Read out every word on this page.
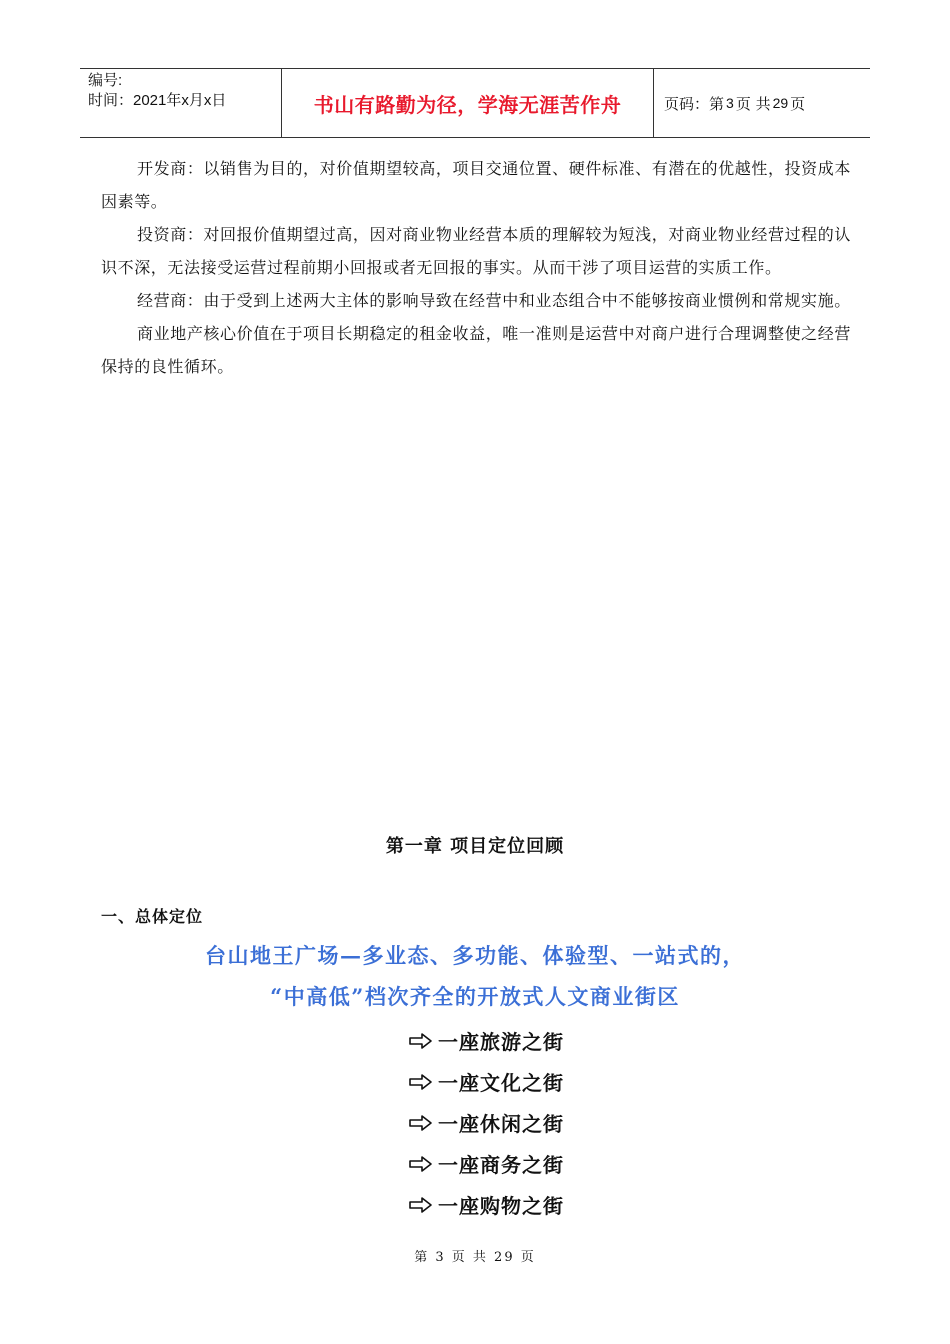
编号:
时间：2021年x月x日	书山有路勤为径，学海无涯苦作舟	页码：第 3 页 共 29 页

开发商：以销售为目的，对价值期望较高，项目交通位置、硬件标准、有潜在的优越性，投资成本因素等。

投资商：对回报价值期望过高，因对商业物业经营本质的理解较为短浅，对商业物业经营过程的认识不深，无法接受运营过程前期小回报或者无回报的事实。从而干涉了项目运营的实质工作。

经营商：由于受到上述两大主体的影响导致在经营中和业态组合中不能够按商业惯例和常规实施。

商业地产核心价值在于项目长期稳定的租金收益，唯一准则是运营中对商户进行合理调整使之经营保持的良性循环。

第一章 项目定位回顾
一、总体定位
台山地王广场—多业态、多功能、体验型、一站式的，
“中高低”档次齐全的开放式人文商业街区
一座旅游之街
一座文化之街
一座休闲之街
一座商务之街
一座购物之街
第 3 页 共 29 页
